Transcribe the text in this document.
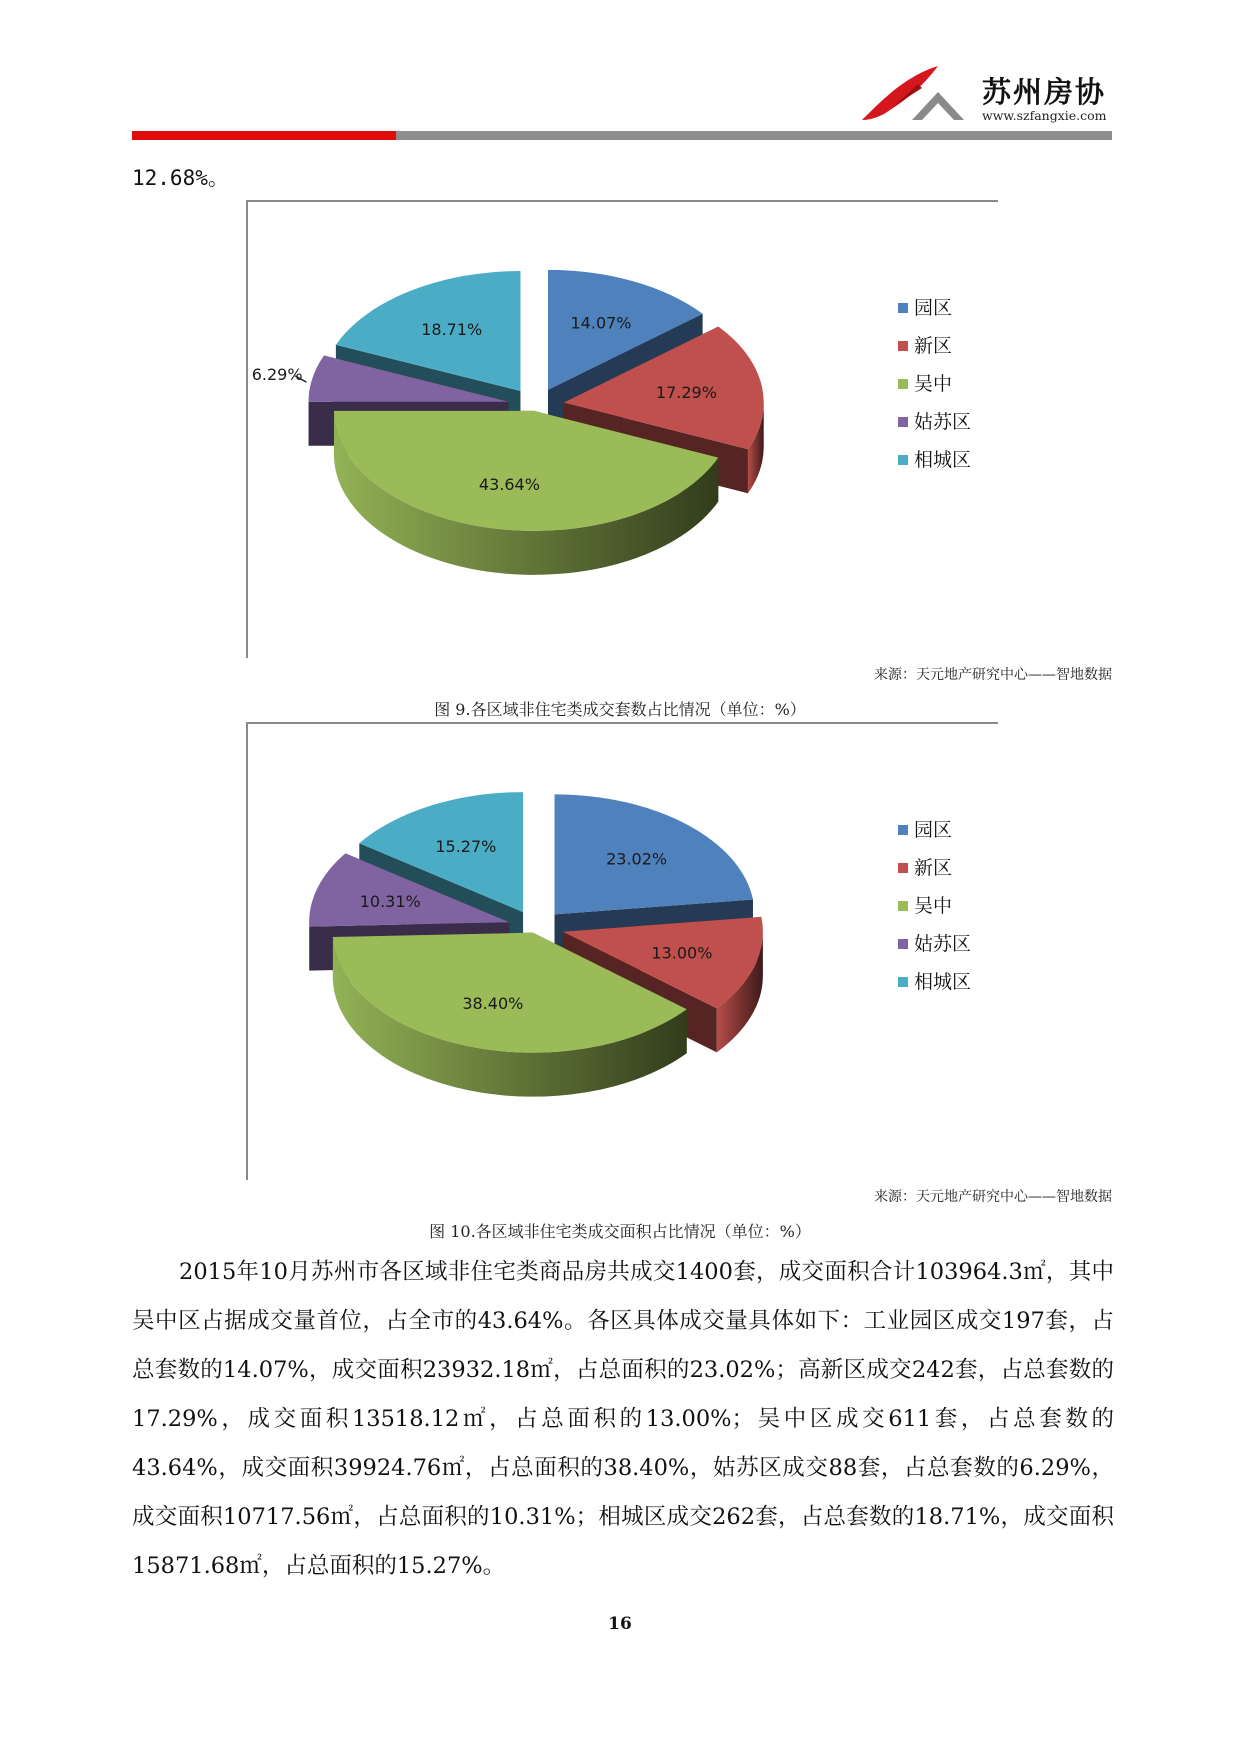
苏州房协
www.szfangxie.com
12.68%。
14.07%
17.29%
43.64%
6.29%
18.71%
园区
新区
吴中
姑苏区
相城区
来源：天元地产研究中心——智地数据
图 9.各区域非住宅类成交套数占比情况（单位：%）
23.02%
13.00%
38.40%
10.31%
15.27%
园区
新区
吴中
姑苏区
相城区
来源：天元地产研究中心——智地数据
图 10.各区域非住宅类成交面积占比情况（单位：%）

2015年10月苏州市各区域非住宅类商品房共成交1400套，成交面积合计103964.3㎡，其中吴中区占据成交量首位，占全市的43.64%。各区具体成交量具体如下：工业园区成交197套，占总套数的14.07%，成交面积23932.18㎡，占总面积的23.02%；高新区成交242套，占总套数的17.29%，成交面积13518.12㎡，占总面积的13.00%；吴中区成交611套，占总套数的43.64%，成交面积39924.76㎡，占总面积的38.40%，姑苏区成交88套，占总套数的6.29%，成交面积10717.56㎡，占总面积的10.31%；相城区成交262套，占总套数的18.71%，成交面积15871.68㎡，占总面积的15.27%。

16
